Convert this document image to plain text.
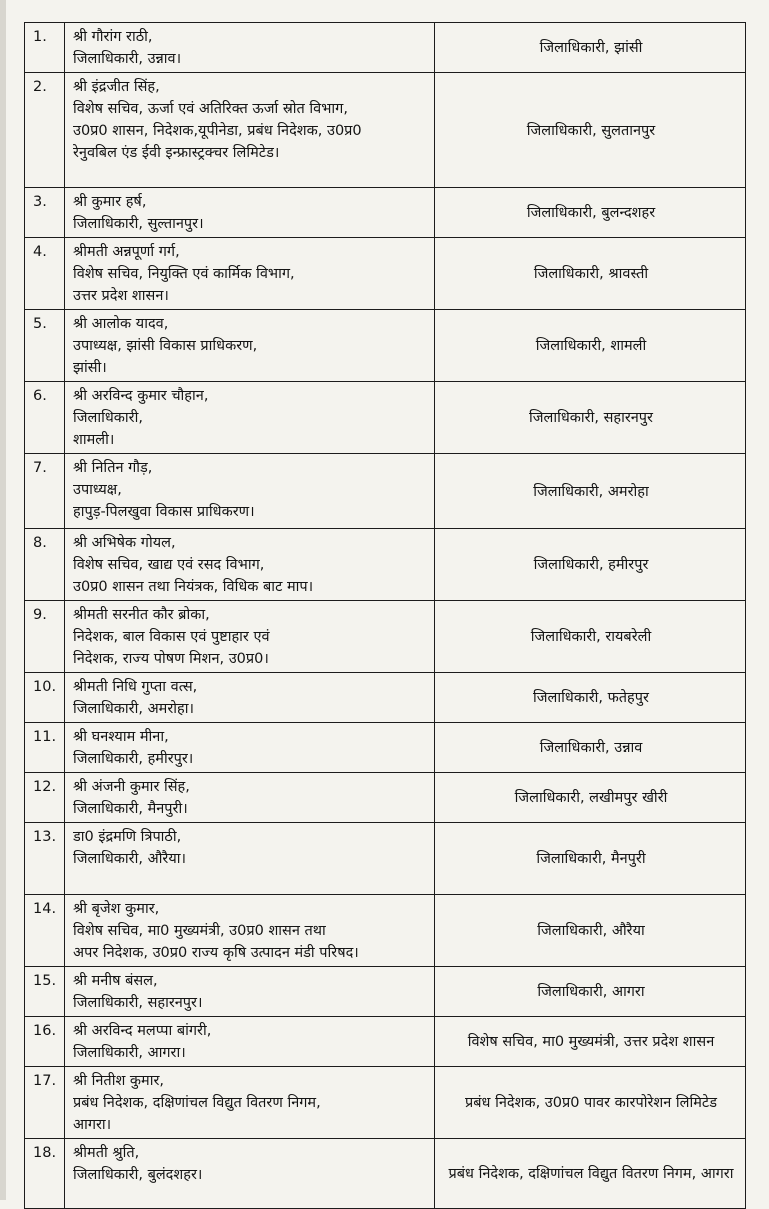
1.	श्री गौरांग राठी,
जिलाधिकारी, उन्नाव।	जिलाधिकारी, झांसी

2.	श्री इंद्रजीत सिंह,
विशेष सचिव, ऊर्जा एवं अतिरिक्त ऊर्जा स्रोत विभाग,
उ0प्र0 शासन, निदेशक,यूपीनेडा, प्रबंध निदेशक, उ0प्र0
रेनुवबिल एंड ईवी इन्फ्रास्ट्रक्चर लिमिटेड।	जिलाधिकारी, सुलतानपुर

3.	श्री कुमार हर्ष,
जिलाधिकारी, सुल्तानपुर।	जिलाधिकारी, बुलन्दशहर

4.	श्रीमती अन्नपूर्णा गर्ग,
विशेष सचिव, नियुक्ति एवं कार्मिक विभाग,
उत्तर प्रदेश शासन।	जिलाधिकारी, श्रावस्ती

5.	श्री आलोक यादव,
उपाध्यक्ष, झांसी विकास प्राधिकरण,
झांसी।	जिलाधिकारी, शामली

6.	श्री अरविन्द कुमार चौहान,
जिलाधिकारी,
शामली।	जिलाधिकारी, सहारनपुर

7.	श्री नितिन गौड़,
उपाध्यक्ष,
हापुड़-पिलखुवा विकास प्राधिकरण।	जिलाधिकारी, अमरोहा

8.	श्री अभिषेक गोयल,
विशेष सचिव, खाद्य एवं रसद विभाग,
उ0प्र0 शासन तथा नियंत्रक, विधिक बाट माप।	जिलाधिकारी, हमीरपुर

9.	श्रीमती सरनीत कौर ब्रोका,
निदेशक, बाल विकास एवं पुष्टाहार एवं
निदेशक, राज्य पोषण मिशन, उ0प्र0।	जिलाधिकारी, रायबरेली

10.	श्रीमती निधि गुप्ता वत्स,
जिलाधिकारी, अमरोहा।	जिलाधिकारी, फतेहपुर

11.	श्री घनश्याम मीना,
जिलाधिकारी, हमीरपुर।	जिलाधिकारी, उन्नाव

12.	श्री अंजनी कुमार सिंह,
जिलाधिकारी, मैनपुरी।	जिलाधिकारी, लखीमपुर खीरी

13.	डा0 इंद्रमणि त्रिपाठी,
जिलाधिकारी, औरैया।	जिलाधिकारी, मैनपुरी

14.	श्री बृजेश कुमार,
विशेष सचिव, मा0 मुख्यमंत्री, उ0प्र0 शासन तथा
अपर निदेशक, उ0प्र0 राज्य कृषि उत्पादन मंडी परिषद।	जिलाधिकारी, औरैया

15.	श्री मनीष बंसल,
जिलाधिकारी, सहारनपुर।	जिलाधिकारी, आगरा

16.	श्री अरविन्द मलप्पा बांगरी,
जिलाधिकारी, आगरा।	विशेष सचिव, मा0 मुख्यमंत्री, उत्तर प्रदेश शासन

17.	श्री नितीश कुमार,
प्रबंध निदेशक, दक्षिणांचल विद्युत वितरण निगम,
आगरा।	प्रबंध निदेशक, उ0प्र0 पावर कारपोरेशन लिमिटेड

18.	श्रीमती श्रुति,
जिलाधिकारी, बुलंदशहर।	प्रबंध निदेशक, दक्षिणांचल विद्युत वितरण निगम, आगरा
